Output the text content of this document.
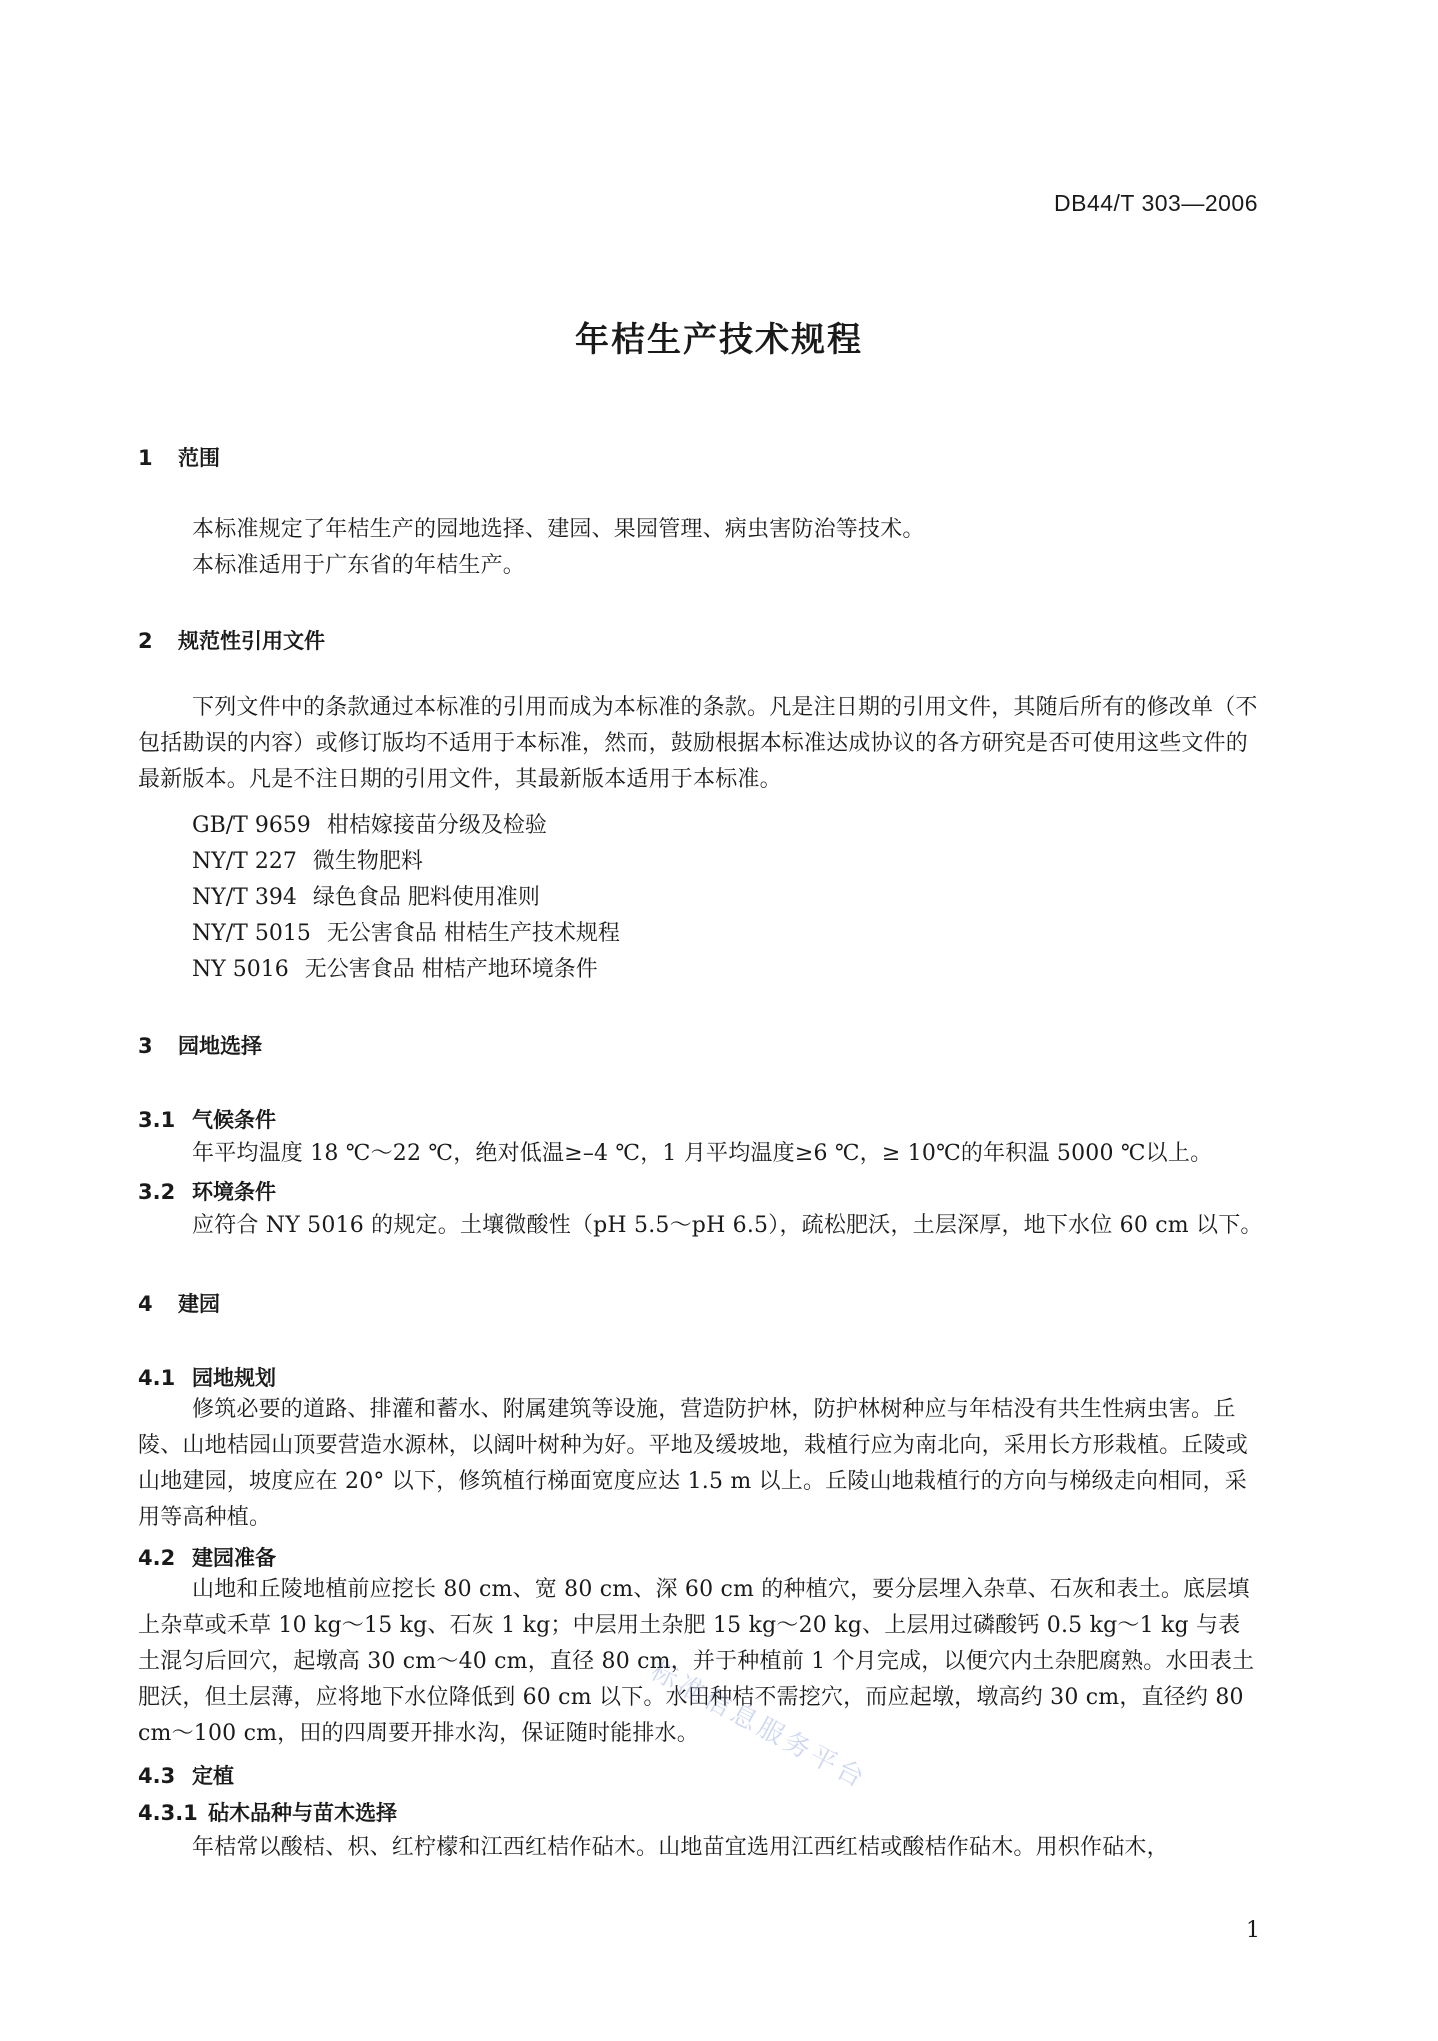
DB44/T 303—2006
年桔生产技术规程
1 范围
本标准规定了年桔生产的园地选择、建园、果园管理、病虫害防治等技术。
本标准适用于广东省的年桔生产。
2 规范性引用文件
下列文件中的条款通过本标准的引用而成为本标准的条款。凡是注日期的引用文件，其随后所有的修改单（不包括勘误的内容）或修订版均不适用于本标准，然而，鼓励根据本标准达成协议的各方研究是否可使用这些文件的最新版本。凡是不注日期的引用文件，其最新版本适用于本标准。
GB/T 9659 柑桔嫁接苗分级及检验
NY/T 227 微生物肥料
NY/T 394 绿色食品 肥料使用准则
NY/T 5015 无公害食品 柑桔生产技术规程
NY 5016 无公害食品 柑桔产地环境条件
3 园地选择
3.1 气候条件
年平均温度 18 ℃～22 ℃，绝对低温≥–4 ℃，1 月平均温度≥6 ℃，≥ 10℃的年积温 5000 ℃以上。
3.2 环境条件
应符合 NY 5016 的规定。土壤微酸性（pH 5.5～pH 6.5），疏松肥沃，土层深厚，地下水位 60 cm 以下。
4 建园
4.1 园地规划
修筑必要的道路、排灌和蓄水、附属建筑等设施，营造防护林，防护林树种应与年桔没有共生性病虫害。丘陵、山地桔园山顶要营造水源林，以阔叶树种为好。平地及缓坡地，栽植行应为南北向，采用长方形栽植。丘陵或山地建园，坡度应在 20° 以下，修筑植行梯面宽度应达 1.5 m 以上。丘陵山地栽植行的方向与梯级走向相同，采用等高种植。
4.2 建园准备
山地和丘陵地植前应挖长 80 cm、宽 80 cm、深 60 cm 的种植穴，要分层埋入杂草、石灰和表土。底层填上杂草或禾草 10 kg～15 kg、石灰 1 kg；中层用土杂肥 15 kg～20 kg、上层用过磷酸钙 0.5 kg～1 kg 与表土混匀后回穴，起墩高 30 cm～40 cm，直径 80 cm，并于种植前 1 个月完成，以便穴内土杂肥腐熟。水田表土肥沃，但土层薄，应将地下水位降低到 60 cm 以下。水田种桔不需挖穴，而应起墩，墩高约 30 cm，直径约 80 cm～100 cm，田的四周要开排水沟，保证随时能排水。
4.3 定植
4.3.1 砧木品种与苗木选择
年桔常以酸桔、枳、红柠檬和江西红桔作砧木。山地苗宜选用江西红桔或酸桔作砧木。用枳作砧木，
标准信息服务平台
1
